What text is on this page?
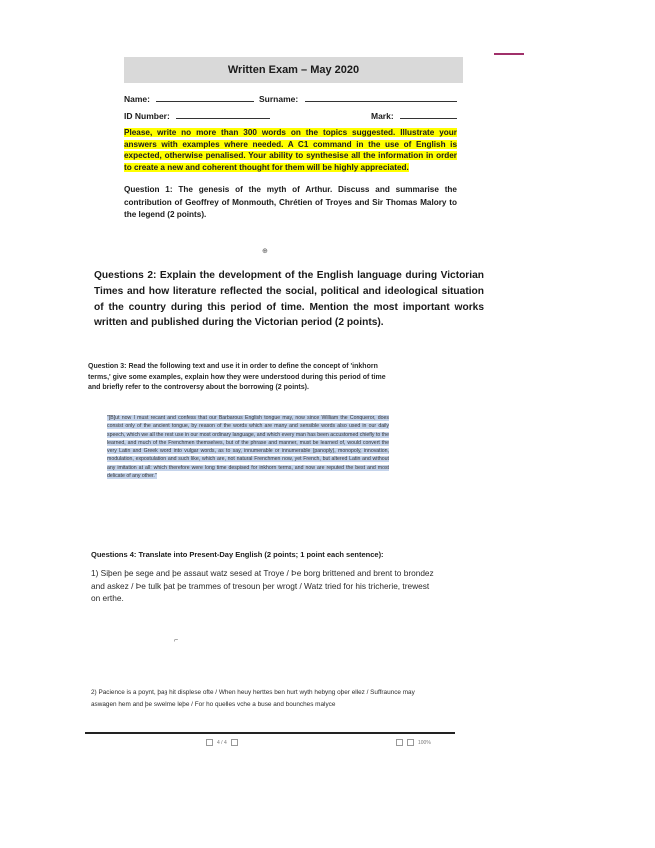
Written Exam – May 2020
Name:	Surname:
ID Number:	Mark:
Please, write no more than 300 words on the topics suggested. Illustrate your answers with examples where needed. A C1 command in the use of English is expected, otherwise penalised. Your ability to synthesise all the information in order to create a new and coherent thought for them will be highly appreciated.
Question 1: The genesis of the myth of Arthur. Discuss and summarise the contribution of Geoffrey of Monmouth, Chrétien of Troyes and Sir Thomas Malory to the legend (2 points).
⊕
Questions 2: Explain the development of the English language during Victorian Times and how literature reflected the social, political and ideological situation of the country during this period of time. Mention the most important works written and published during the Victorian period (2 points).
Question 3: Read the following text and use it in order to define the concept of 'inkhorn terms,' give some examples, explain how they were understood during this period of time and briefly refer to the controversy about the borrowing (2 points).
"[B]ut now I must recant and confess that our Barbarous English tongue may, now since William the Conqueror, does consist only of the ancient tongue, by reason of the words which are many and sensible words also used in our daily speech, which we all the rest use in our most ordinary language, and which every man has been accustomed chiefly to the learned, and much of the Frenchmen themselves, but of the phrase and manner, must be learned of, would convert the very Latin and Greek word into vulgar words, as to say, innumerable or innumerable (panoply), monopoly, innovation, modulation, expostulation and such like, which are, not natural Frenchmen now, yet French, but altered Latin and without any imitation at all: which therefore were long time despised for inkhorn terms, and now are reputed the best and most delicate of any other."
Questions 4: Translate into Present-Day English (2 points; 1 point each sentence):
1) Siþen þe sege and þe assaut watz sesed at Troye / Þe borg brittened and brent to brondez and askez / Þe tulk þat þe trammes of tresoun þer wrogt / Watz tried for his tricherie, trewest on erthe.
⌐
2) Pacience is a poynt, þaȝ hit displese ofte / When heuy herttes ben hurt wyth hebyng oþer ellez / Suffraunce may aswagen hem and þe swelme leþe / For ho quelles vche a buse and bounches malyce
4 / 4	100%
